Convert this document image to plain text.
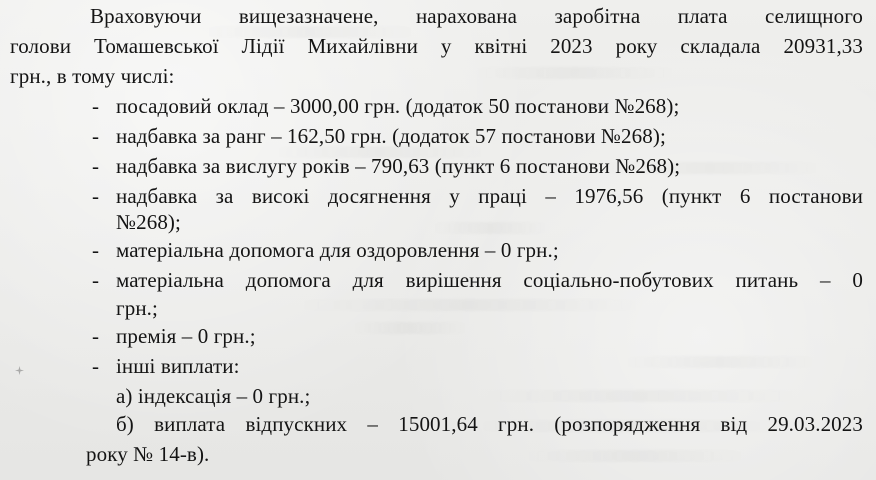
Враховуючи вищезазначене, нарахована заробітна плата селищного
голови Томашевської Лідії Михайлівни у квітні 2023 року складала 20931,33
грн., в тому числі:
- посадовий оклад – 3000,00 грн. (додаток 50 постанови №268);
- надбавка за ранг – 162,50 грн. (додаток 57 постанови №268);
- надбавка за вислугу років – 790,63 (пункт 6 постанови №268);
- надбавка за високі досягнення у праці – 1976,56 (пункт 6 постанови
№268);
- матеріальна допомога для оздоровлення – 0 грн.;
- матеріальна допомога для вирішення соціально-побутових питань – 0
грн.;
- премія – 0 грн.;
- інші виплати:
а) індексація – 0 грн.;
б) виплата відпускних – 15001,64 грн. (розпорядження від 29.03.2023
року № 14-в).
